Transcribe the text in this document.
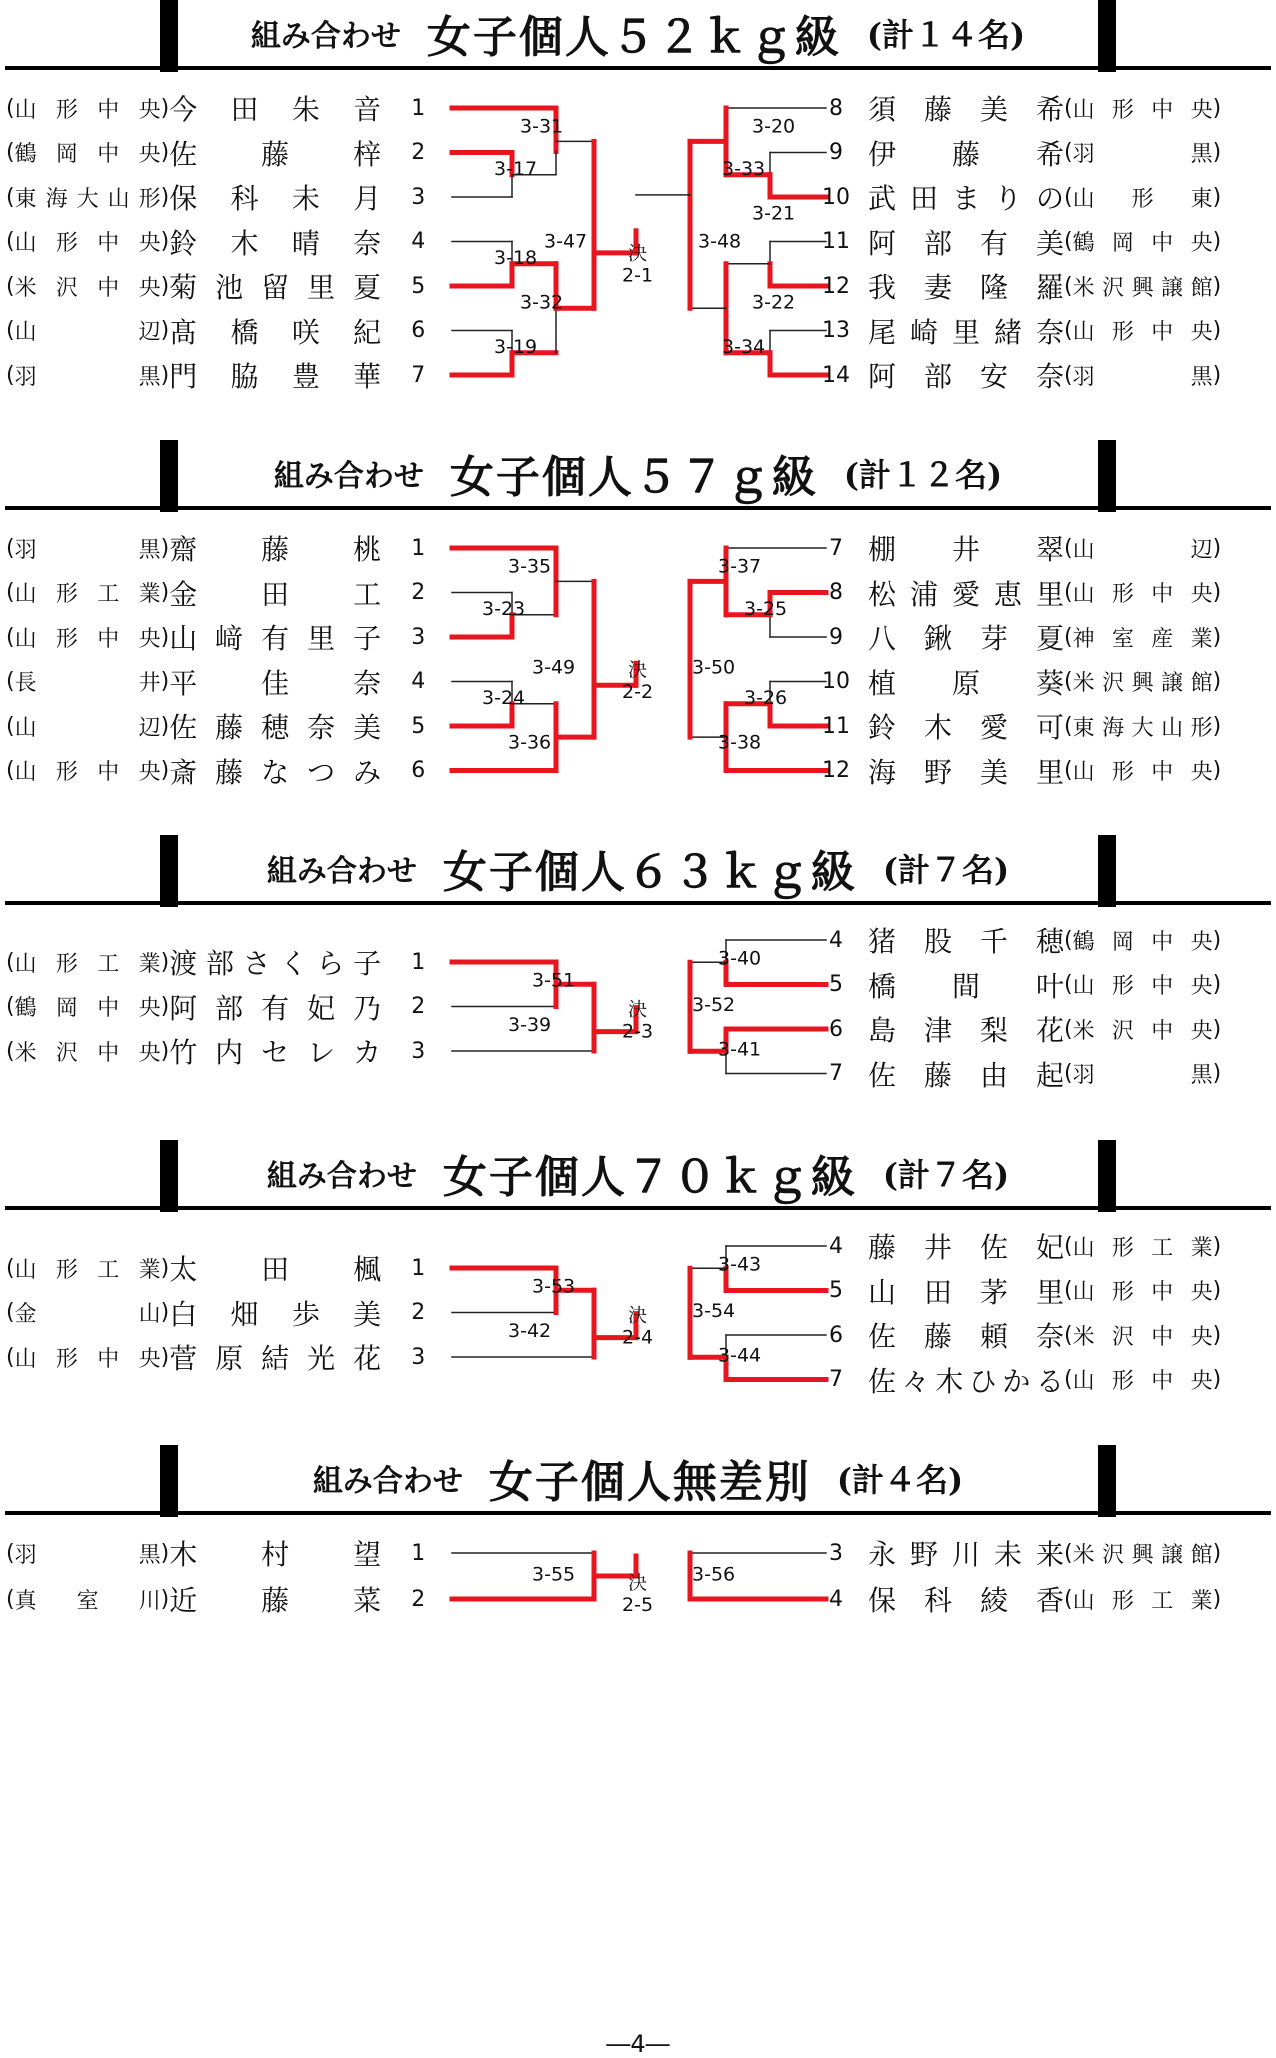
3-31
3-17
3-47
3-18
3-32
3-19
3-20
3-33
3-21
3-48
3-22
3-34
決
2-1
3-35
3-23
3-49
3-24
3-36
3-37
3-25
3-50
3-26
3-38
決
2-2
3-51
3-39
3-40
3-52
3-41
決
2-3
3-53
3-42
3-43
3-54
3-44
決
2-4
3-55	3-56
決
2-5
組み合わせ 女子個人５２ｋｇ級 (計１４名)
( 山形中央 ) 今田朱音	1
( 鶴岡中央 ) 佐藤梓	2
( 東海大山形 ) 保科未月	3
( 山形中央 ) 鈴木晴奈	4
( 米沢中央 ) 菊池留里夏	5
( 山辺 ) 髙橋咲紀	6
( 羽黒 ) 門脇豊華	7
8 須藤美希 ( 山形中央 )
9 伊藤希 ( 羽黒 )
10 武田まりの ( 山形東 )
11 阿部有美 ( 鶴岡中央 )
12 我妻隆羅 ( 米沢興譲館 )
13 尾崎里緒奈 ( 山形中央 )
14 阿部安奈 ( 羽黒 )
組み合わせ 女子個人５７ｇ級 (計１２名)
( 羽黒 ) 齋藤桃	1
( 山形工業 ) 金田工	2
( 山形中央 ) 山﨑有里子	3
( 長井 ) 平佳奈	4
( 山辺 ) 佐藤穂奈美	5
( 山形中央 ) 斎藤なつみ	6
7 棚井翠 ( 山辺 )
8 松浦愛恵里 ( 山形中央 )
9 八鍬芽夏 ( 神室産業 )
10 植原葵 ( 米沢興譲館 )
11 鈴木愛可 ( 東海大山形 )
12 海野美里 ( 山形中央 )
組み合わせ 女子個人６３ｋｇ級 (計７名)
( 山形工業 ) 渡部さくら子	1
( 鶴岡中央 ) 阿部有妃乃	2
( 米沢中央 ) 竹内セレカ	3
4 猪股千穂 ( 鶴岡中央 )
5 橋間叶 ( 山形中央 )
6 島津梨花 ( 米沢中央 )
7 佐藤由起 ( 羽黒 )
組み合わせ 女子個人７０ｋｇ級 (計７名)
( 山形工業 ) 太田楓	1
( 金山 ) 白畑歩美	2
( 山形中央 ) 菅原結光花	3
4 藤井佐妃 ( 山形工業 )
5 山田茅里 ( 山形中央 )
6 佐藤頼奈 ( 米沢中央 )
7 佐々木ひかる ( 山形中央 )
組み合わせ 女子個人無差別 (計４名)
( 羽黒 ) 木村望	1
( 真室川 ) 近藤菜	2
3 永野川未来 ( 米沢興譲館 )
4 保科綾香 ( 山形工業 )
―4―
